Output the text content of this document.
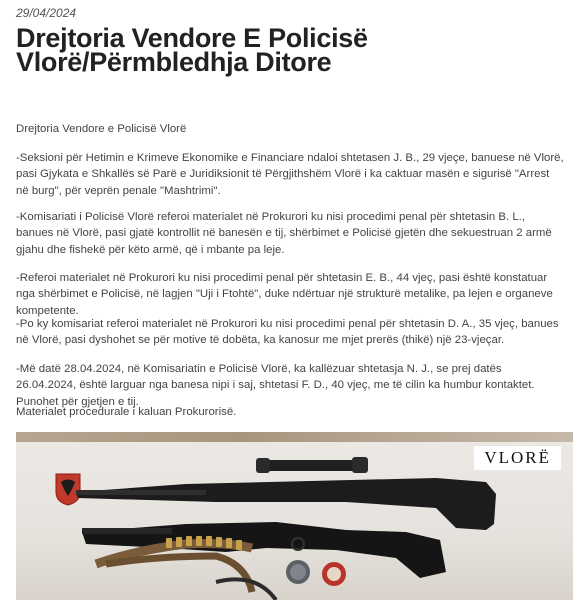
29/04/2024
Drejtoria Vendore E Policisë
Vlorë/Përmbledhja Ditore

Drejtoria Vendore e Policisë Vlorë

-Seksioni për Hetimin e Krimeve Ekonomike e Financiare ndaloi shtetasen J. B., 29 vjeçe, banuese në Vlorë, pasi Gjykata e Shkallës së Parë e Juridiksionit të Përgjithshëm Vlorë i ka caktuar masën e sigurisë "Arrest në burg", për veprën penale "Mashtrimi".

-Komisariati i Policisë Vlorë referoi materialet në Prokurori ku nisi procedimi penal për shtetasin B. L., banues në Vlorë, pasi gjatë kontrollit në banesën e tij, shërbimet e Policisë gjetën dhe sekuestruan 2 armë gjahu dhe fishekë për këto armë, që i mbante pa leje.

-Referoi materialet në Prokurori ku nisi procedimi penal për shtetasin E. B., 44 vjeç, pasi është konstatuar nga shërbimet e Policisë, në lagjen "Uji i Ftohtë", duke ndërtuar një strukturë metalike, pa lejen e organeve kompetente.

-Po ky komisariat referoi materialet në Prokurori ku nisi procedimi penal për shtetasin D. A., 35 vjeç, banues në Vlorë, pasi dyshohet se për motive të dobëta, ka kanosur me mjet prerës (thikë) një 23-vjeçar.

-Më datë 28.04.2024, në Komisariatin e Policisë Vlorë, ka kallëzuar shtetasja N. J., se prej datës 26.04.2024, është larguar nga banesa nipi i saj, shtetasi F. D., 40 vjeç, me të cilin ka humbur kontaktet. Punohet për gjetjen e tij.

Materialet procedurale i kaluan Prokurorisë.

VLORË
